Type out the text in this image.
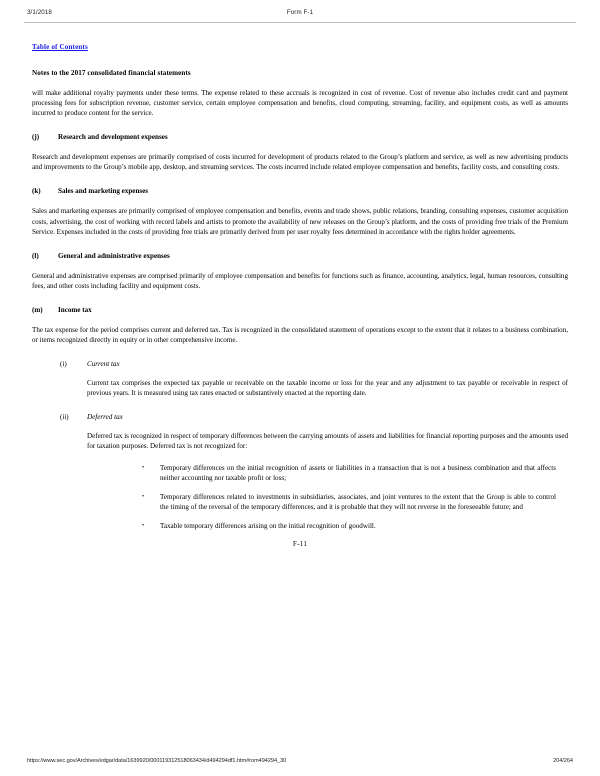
3/1/2018	Form F-1
Table of Contents
Notes to the 2017 consolidated financial statements

will make additional royalty payments under these terms. The expense related to these accruals is recognized in cost of revenue. Cost of revenue also includes credit card and payment processing fees for subscription revenue, customer service, certain employee compensation and benefits, cloud computing, streaming, facility, and equipment costs, as well as amounts incurred to produce content for the service.

(j)	Research and development expenses

Research and development expenses are primarily comprised of costs incurred for development of products related to the Group’s platform and service, as well as new advertising products and improvements to the Group’s mobile app, desktop, and streaming services. The costs incurred include related employee compensation and benefits, facility costs, and consulting costs.

(k)	Sales and marketing expenses

Sales and marketing expenses are primarily comprised of employee compensation and benefits, events and trade shows, public relations, branding, consulting expenses, customer acquisition costs, advertising, the cost of working with record labels and artists to promote the availability of new releases on the Group’s platform, and the costs of providing free trials of the Premium Service. Expenses included in the costs of providing free trials are primarily derived from per user royalty fees determined in accordance with the rights holder agreements.

(l)	General and administrative expenses

General and administrative expenses are comprised primarily of employee compensation and benefits for functions such as finance, accounting, analytics, legal, human resources, consulting fees, and other costs including facility and equipment costs.

(m)	Income tax

The tax expense for the period comprises current and deferred tax. Tax is recognized in the consolidated statement of operations except to the extent that it relates to a business combination, or items recognized directly in equity or in other comprehensive income.

(i)	Current tax

Current tax comprises the expected tax payable or receivable on the taxable income or loss for the year and any adjustment to tax payable or receivable in respect of previous years. It is measured using tax rates enacted or substantively enacted at the reporting date.

(ii)	Deferred tax

Deferred tax is recognized in respect of temporary differences between the carrying amounts of assets and liabilities for financial reporting purposes and the amounts used for taxation purposes. Deferred tax is not recognized for:

•	Temporary differences on the initial recognition of assets or liabilities in a transaction that is not a business combination and that affects neither accounting nor taxable profit or loss;
•	Temporary differences related to investments in subsidiaries, associates, and joint ventures to the extent that the Group is able to control the timing of the reversal of the temporary differences, and it is probable that they will not reverse in the foreseeable future; and
•	Taxable temporary differences arising on the initial recognition of goodwill.
F-11
https://www.sec.gov/Archives/edgar/data/1639920/000119312518063434/d494294df1.htm#rom494294_30	204/264
